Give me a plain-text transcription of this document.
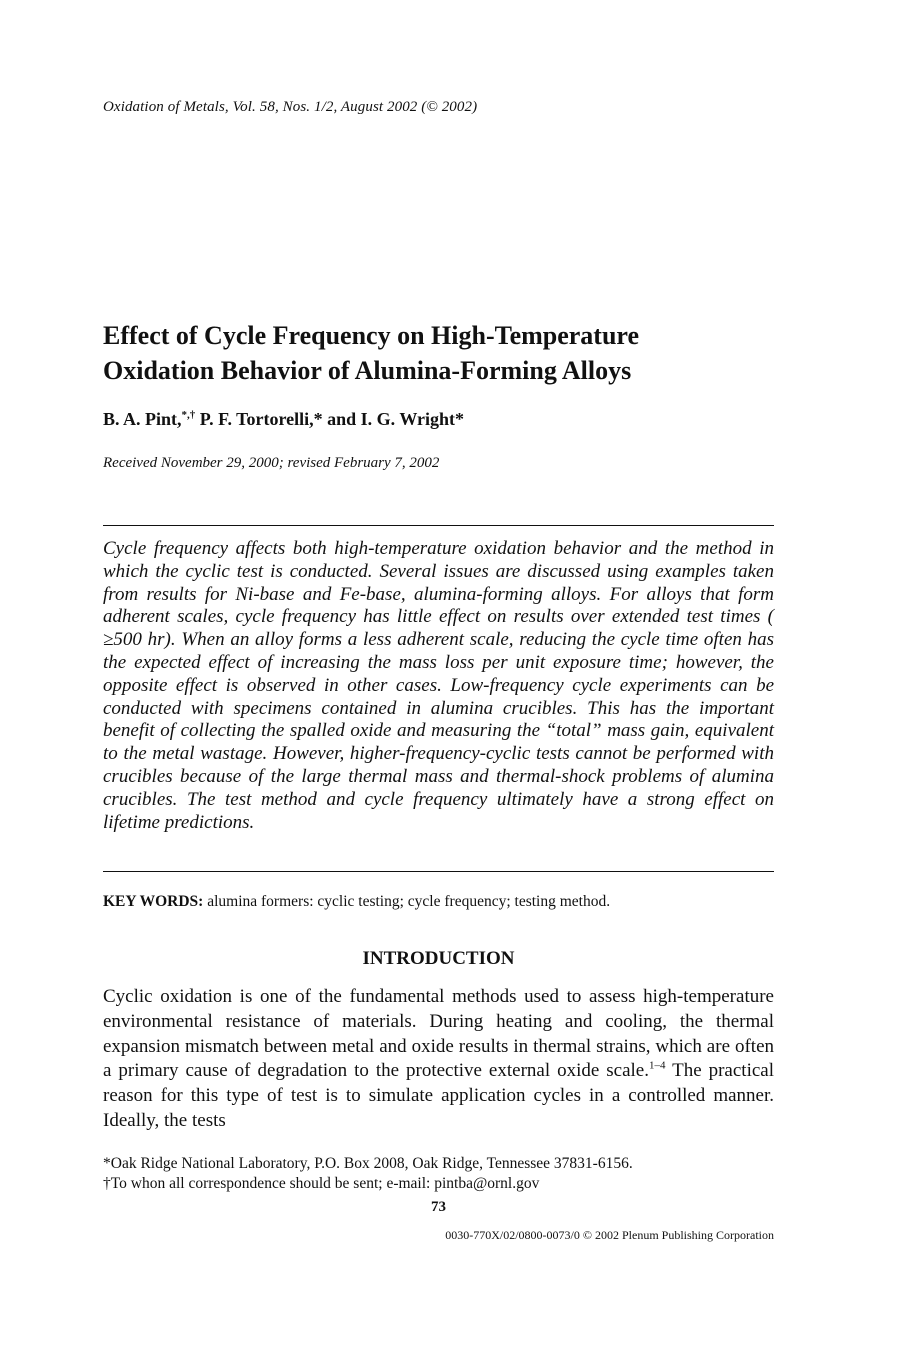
Oxidation of Metals, Vol. 58, Nos. 1/2, August 2002 (© 2002)
Effect of Cycle Frequency on High-Temperature
Oxidation Behavior of Alumina-Forming Alloys
B. A. Pint,*,† P. F. Tortorelli,* and I. G. Wright*
Received November 29, 2000; revised February 7, 2002

Cycle frequency affects both high-temperature oxidation behavior and the method in which the cyclic test is conducted. Several issues are discussed using examples taken from results for Ni-base and Fe-base, alumina-forming alloys. For alloys that form adherent scales, cycle frequency has little effect on results over extended test times ( ≥500 hr). When an alloy forms a less adherent scale, reducing the cycle time often has the expected effect of increasing the mass loss per unit exposure time; however, the opposite effect is observed in other cases. Low-frequency cycle experiments can be conducted with specimens contained in alumina crucibles. This has the important benefit of collecting the spalled oxide and measuring the “total” mass gain, equivalent to the metal wastage. However, higher-frequency-cyclic tests cannot be performed with crucibles because of the large thermal mass and thermal-shock problems of alumina crucibles. The test method and cycle frequency ultimately have a strong effect on lifetime predictions.

KEY WORDS: alumina formers: cyclic testing; cycle frequency; testing method.
INTRODUCTION

Cyclic oxidation is one of the fundamental methods used to assess high-temperature environmental resistance of materials. During heating and cooling, the thermal expansion mismatch between metal and oxide results in thermal strains, which are often a primary cause of degradation to the protective external oxide scale.$^{1-4}$ The practical reason for this type of test is to simulate application cycles in a controlled manner. Ideally, the tests

*Oak Ridge National Laboratory, P.O. Box 2008, Oak Ridge, Tennessee 37831-6156.
†To whon all correspondence should be sent; e-mail: pintba@ornl.gov
73
0030-770X/02/0800-0073/0 © 2002 Plenum Publishing Corporation
